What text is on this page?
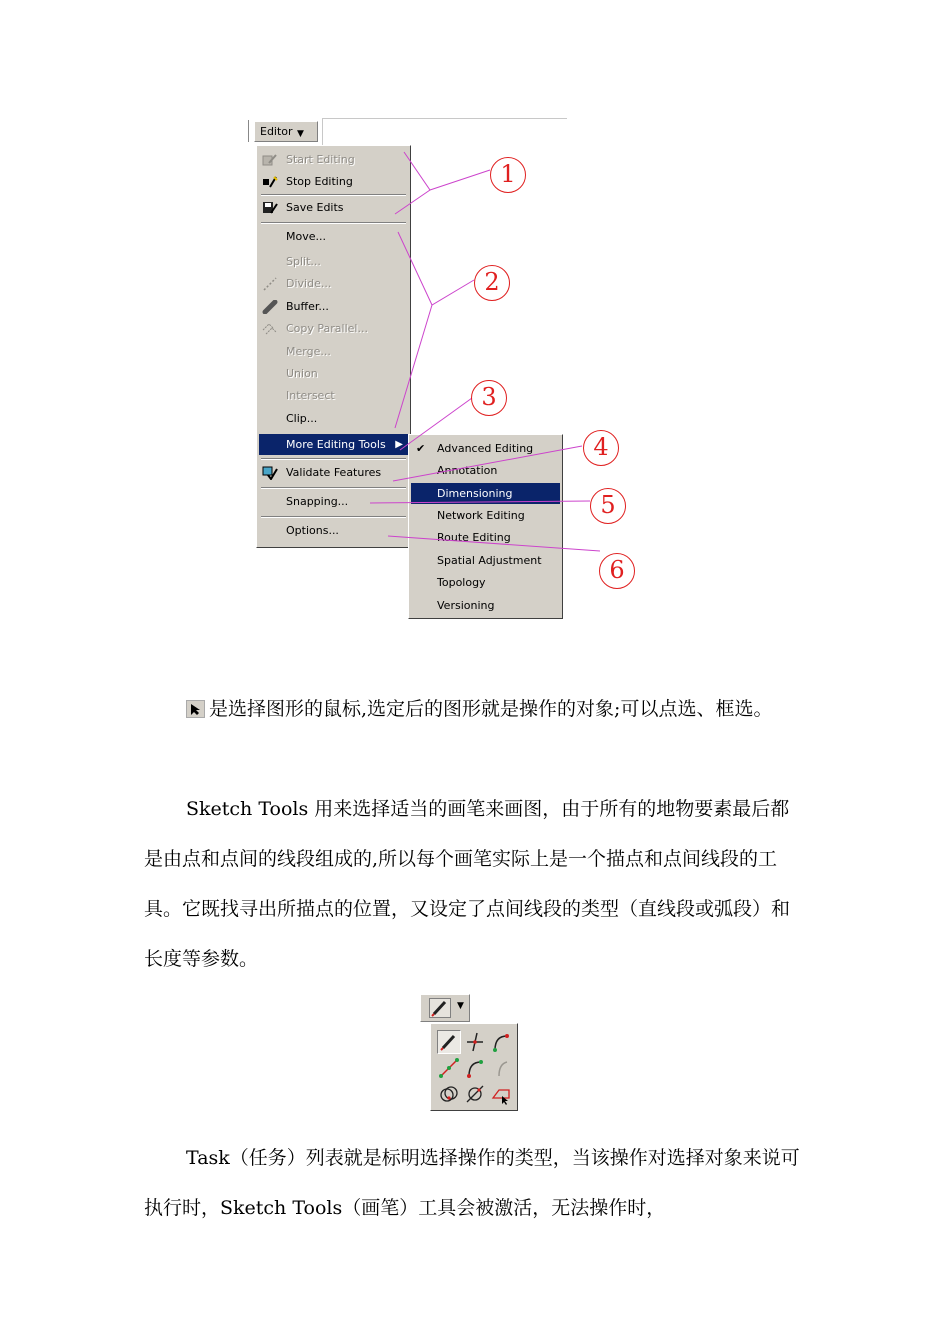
Editor ▼
Start Editing
Stop Editing
Save Edits
Move...
Split...
Divide...
Buffer...
Copy Parallel...
Merge...
Union
Intersect
Clip...
More Editing Tools ▶
Validate Features
Snapping...
Options...
✔ Advanced Editing
Annotation
Dimensioning
Network Editing
Route Editing
Spatial Adjustment
Topology
Versioning
1
2
3
4
5
6
是选择图形的鼠标,选定后的图形就是操作的对象;可以点选、框选。
Sketch Tools 用来选择适当的画笔来画图，由于所有的地物要素最后都是由点和点间的线段组成的,所以每个画笔实际上是一个描点和点间线段的工具。它既找寻出所描点的位置，又设定了点间线段的类型（直线段或弧段）和长度等参数。
▼
Task（任务）列表就是标明选择操作的类型，当该操作对选择对象来说可执行时，Sketch Tools（画笔）工具会被激活，无法操作时，
